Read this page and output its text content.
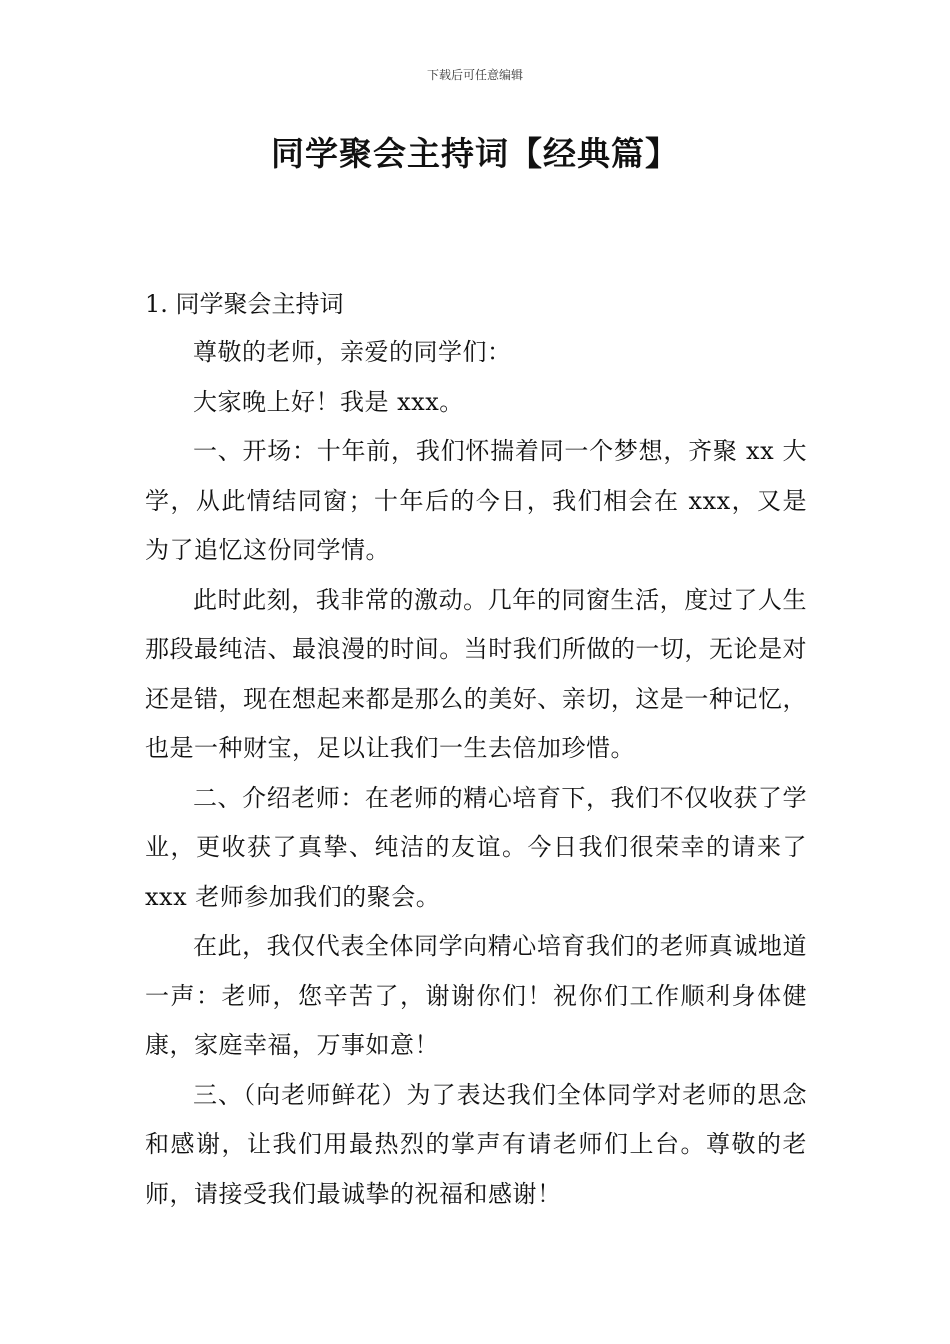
下载后可任意编辑
同学聚会主持词【经典篇】

1. 同学聚会主持词

尊敬的老师，亲爱的同学们：

大家晚上好！我是 xxx。

一、开场：十年前，我们怀揣着同一个梦想，齐聚 xx 大学，从此情结同窗；十年后的今日，我们相会在 xxx，又是为了追忆这份同学情。

此时此刻，我非常的激动。几年的同窗生活，度过了人生那段最纯洁、最浪漫的时间。当时我们所做的一切，无论是对还是错，现在想起来都是那么的美好、亲切，这是一种记忆，也是一种财宝，足以让我们一生去倍加珍惜。

二、介绍老师：在老师的精心培育下，我们不仅收获了学业，更收获了真挚、纯洁的友谊。今日我们很荣幸的请来了 xxx 老师参加我们的聚会。

在此，我仅代表全体同学向精心培育我们的老师真诚地道一声：老师，您辛苦了，谢谢你们！祝你们工作顺利身体健康，家庭幸福，万事如意！

三、（向老师鲜花）为了表达我们全体同学对老师的思念和感谢，让我们用最热烈的掌声有请老师们上台。尊敬的老师，请接受我们最诚挚的祝福和感谢！
